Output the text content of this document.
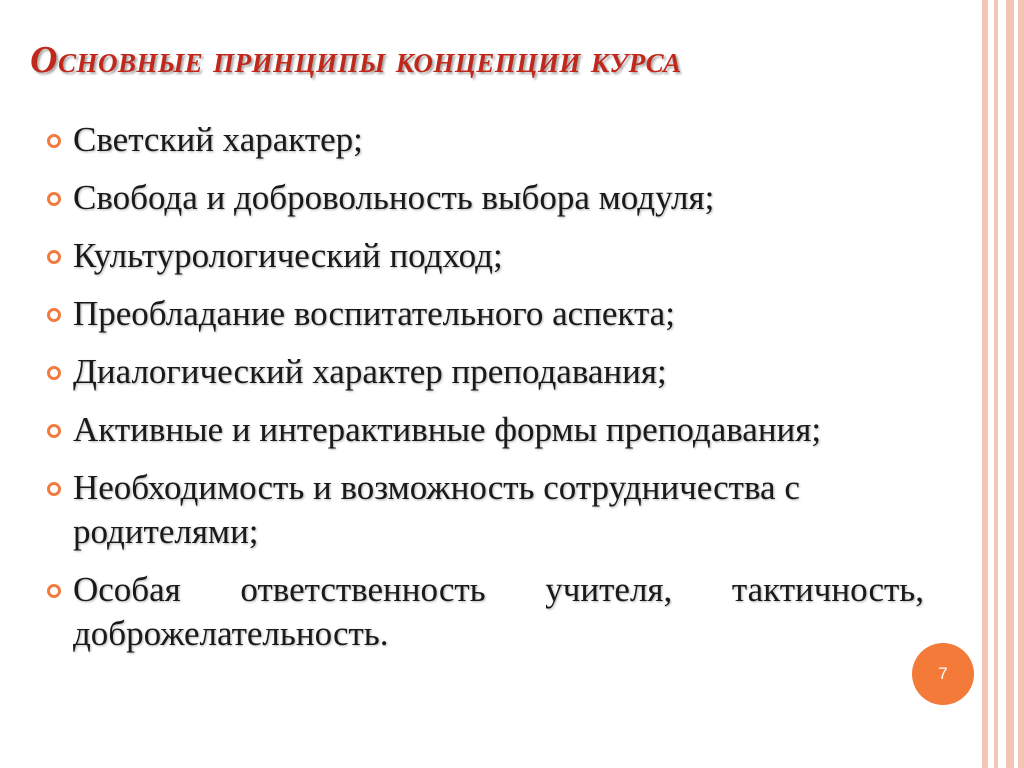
Основные принципы концепции курса
Светский характер;
Свобода и добровольность выбора модуля;
Культурологический подход;
Преобладание воспитательного аспекта;
Диалогический характер преподавания;
Активные и интерактивные формы преподавания;
Необходимость и возможность сотрудничества с родителями;
Особая ответственность учителя, тактичность, доброжелательность.
7
